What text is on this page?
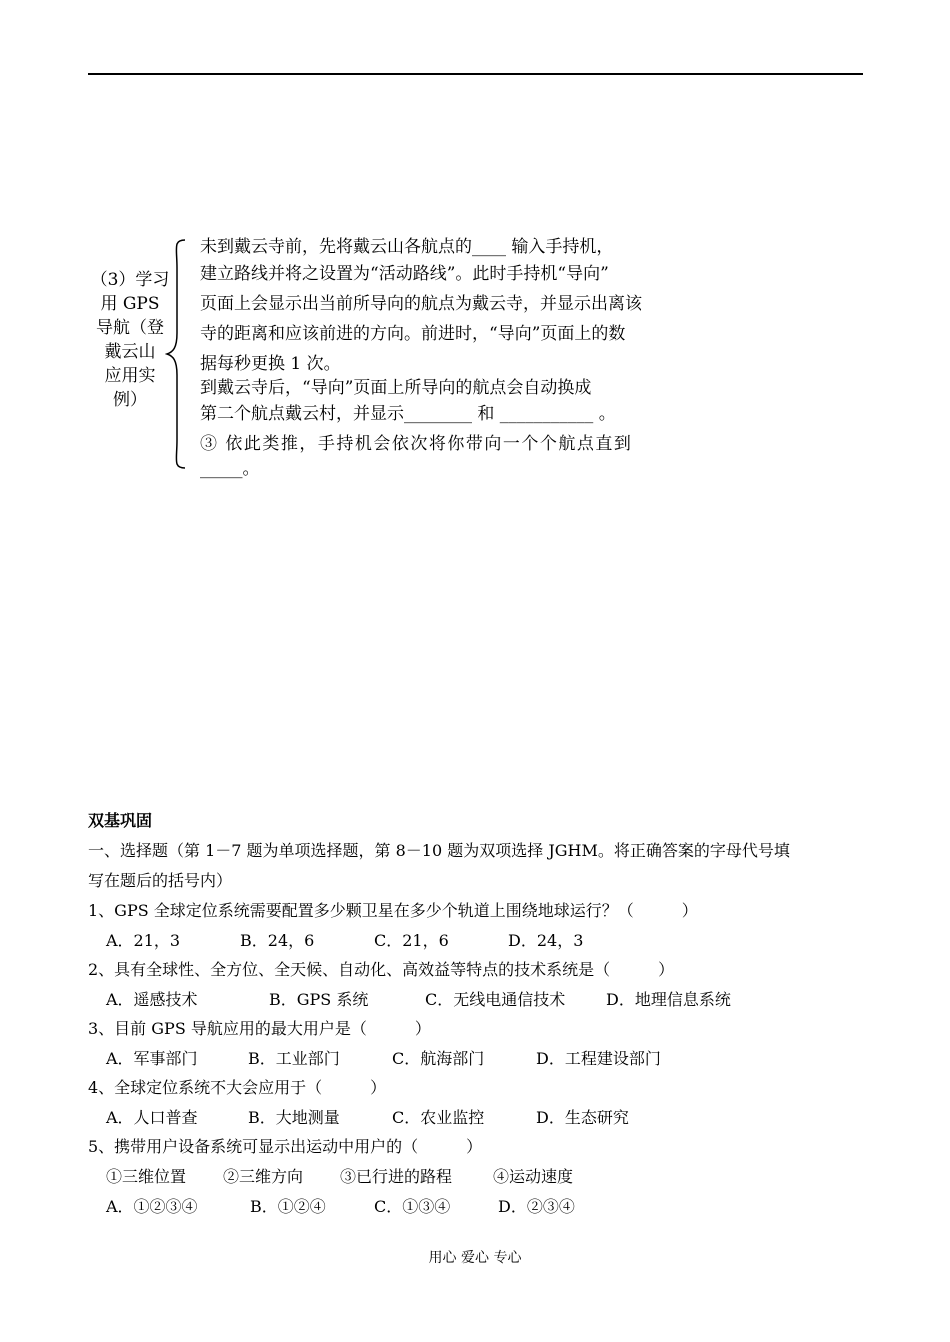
（3）学习
用 GPS
导航（登
戴云山
应用实
例）
未到戴云寺前，先将戴云山各航点的____ 输入手持机，
建立路线并将之设置为“活动路线”。此时手持机“导向”
页面上会显示出当前所导向的航点为戴云寺，并显示出离该
寺的距离和应该前进的方向。前进时，“导向”页面上的数
据每秒更换 1 次。
到戴云寺后，“导向”页面上所导向的航点会自动换成
第二个航点戴云村，并显示________ 和 ___________ 。
③ 依此类推，手持机会依次将你带向一个个航点直到
_____。
双基巩固
一、选择题（第 1－7 题为单项选择题，第 8－10 题为双项选择 JGHM。将正确答案的字母代号填
写在题后的括号内）
1、GPS 全球定位系统需要配置多少颗卫星在多少个轨道上围绕地球运行？（　　　）
A．21，3	B．24，6	C．21，6	D．24，3
2、具有全球性、全方位、全天候、自动化、高效益等特点的技术系统是（　　　）
A．遥感技术	B．GPS 系统	C．无线电通信技术	D．地理信息系统
3、目前 GPS 导航应用的最大用户是（　　　）
A．军事部门	B．工业部门	C．航海部门	D．工程建设部门
4、全球定位系统不大会应用于（　　　）
A．人口普查	B．大地测量	C．农业监控	D．生态研究
5、携带用户设备系统可显示出运动中用户的（　　　）
①三维位置 ②三维方向 ③已行进的路程	④运动速度
A．①②③④	B．①②④	C．①③④	D．②③④
用心 爱心 专心
